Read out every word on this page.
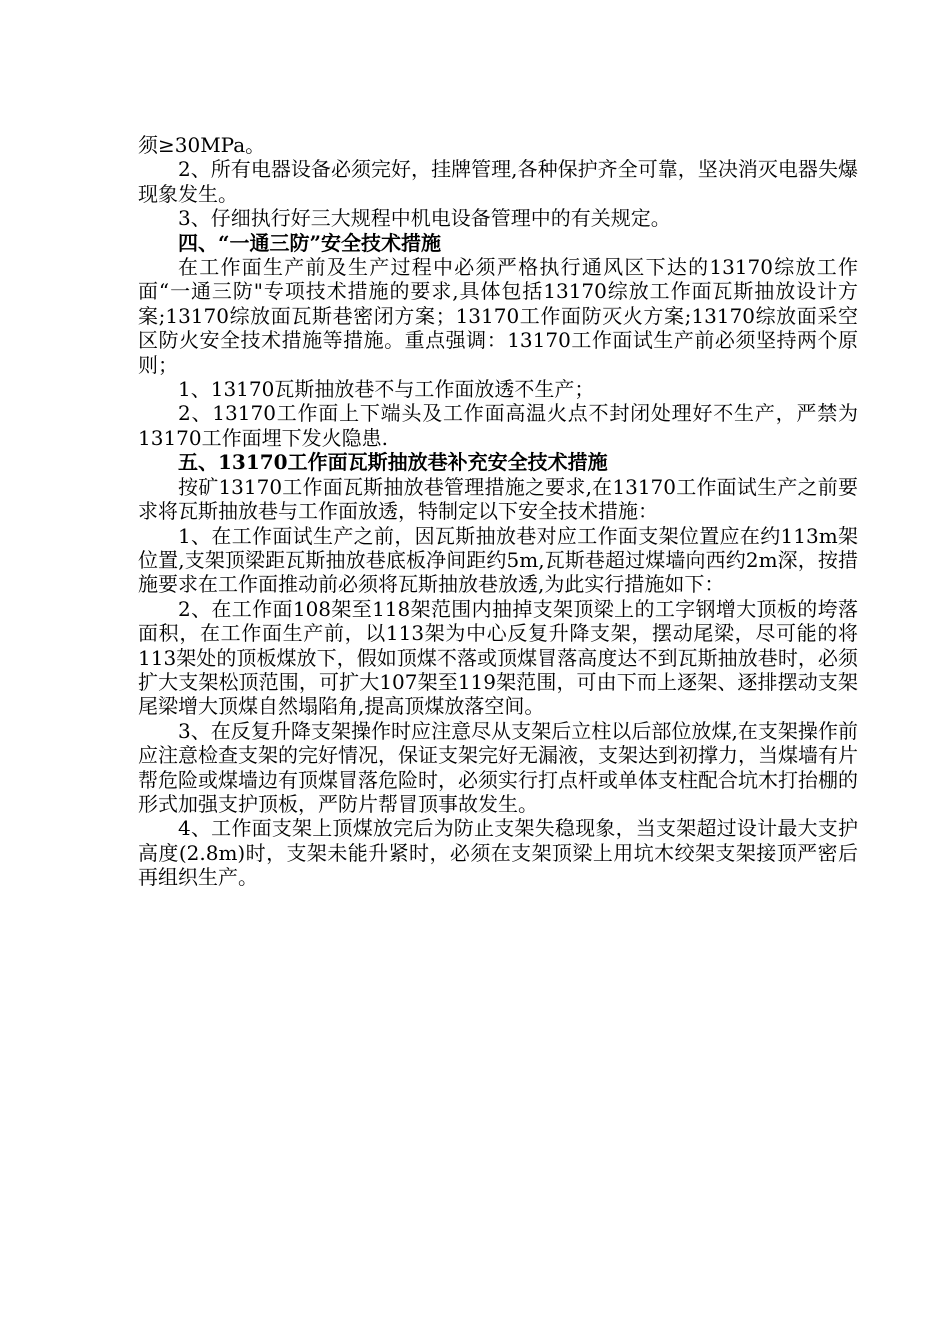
须≥30MPa。

2、所有电器设备必须完好，挂牌管理,各种保护齐全可靠，坚决消灭电器失爆现象发生。

3、仔细执行好三大规程中机电设备管理中的有关规定。

四、“一通三防”安全技术措施

在工作面生产前及生产过程中必须严格执行通风区下达的13170综放工作面“一通三防"专项技术措施的要求,具体包括13170综放工作面瓦斯抽放设计方案;13170综放面瓦斯巷密闭方案；13170工作面防灭火方案;13170综放面采空区防火安全技术措施等措施。重点强调：13170工作面试生产前必须坚持两个原则；

1、13170瓦斯抽放巷不与工作面放透不生产；

2、13170工作面上下端头及工作面高温火点不封闭处理好不生产，严禁为13170工作面埋下发火隐患.

五、13170工作面瓦斯抽放巷补充安全技术措施

按矿13170工作面瓦斯抽放巷管理措施之要求,在13170工作面试生产之前要求将瓦斯抽放巷与工作面放透，特制定以下安全技术措施：

1、在工作面试生产之前，因瓦斯抽放巷对应工作面支架位置应在约113m架位置,支架顶梁距瓦斯抽放巷底板净间距约5m,瓦斯巷超过煤墙向西约2m深，按措施要求在工作面推动前必须将瓦斯抽放巷放透,为此实行措施如下：

2、在工作面108架至118架范围内抽掉支架顶梁上的工字钢增大顶板的垮落面积，在工作面生产前，以113架为中心反复升降支架，摆动尾梁，尽可能的将113架处的顶板煤放下，假如顶煤不落或顶煤冒落高度达不到瓦斯抽放巷时，必须扩大支架松顶范围，可扩大107架至119架范围，可由下而上逐架、逐排摆动支架尾梁增大顶煤自然塌陷角,提高顶煤放落空间。

3、在反复升降支架操作时应注意尽从支架后立柱以后部位放煤,在支架操作前应注意检查支架的完好情况，保证支架完好无漏液，支架达到初撑力，当煤墙有片帮危险或煤墙边有顶煤冒落危险时，必须实行打点杆或单体支柱配合坑木打抬棚的形式加强支护顶板，严防片帮冒顶事故发生。

4、工作面支架上顶煤放完后为防止支架失稳现象，当支架超过设计最大支护高度(2.8m)时，支架未能升紧时，必须在支架顶梁上用坑木绞架支架接顶严密后再组织生产。
